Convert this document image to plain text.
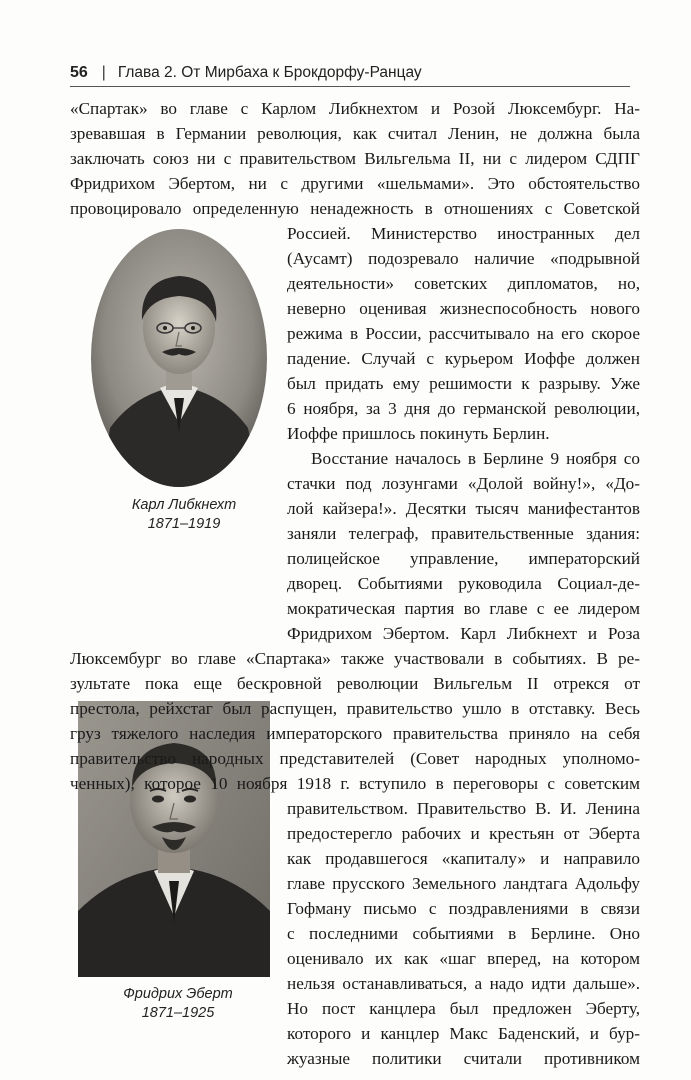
56 | Глава 2. От Мирбаха к Брокдорфу-Ранцау
Карл Либкнехт
1871–1919
Фридрих Эберт
1871–1925
«Спартак» во главе с Карлом Либкнехтом и Розой Люксембург. На-
зревавшая в Германии революция, как считал Ленин, не должна была
заключать союз ни с правительством Вильгельма II, ни с лидером СДПГ
Фридрихом Эбертом, ни с другими «шельмами». Это обстоятельство
провоцировало определенную ненадежность в отношениях с Советской
Россией. Министерство иностранных дел
(Аусамт) подозревало наличие «подрывной
деятельности» советских дипломатов, но,
неверно оценивая жизнеспособность нового
режима в России, рассчитывало на его скорое
падение. Случай с курьером Иоффе должен
был придать ему решимости к разрыву. Уже
6 ноября, за 3 дня до германской революции,
Иоффе пришлось покинуть Берлин.
Восстание началось в Берлине 9 ноября со
стачки под лозунгами «Долой войну!», «До-
лой кайзера!». Десятки тысяч манифестантов
заняли телеграф, правительственные здания:
полицейское управление, императорский
дворец. Событиями руководила Социал-де-
мократическая партия во главе с ее лидером
Фридрихом Эбертом. Карл Либкнехт и Роза
Люксембург во главе «Спартака» также участвовали в событиях. В ре-
зультате пока еще бескровной революции Вильгельм II отрекся от
престола, рейхстаг был распущен, правительство ушло в отставку. Весь
груз тяжелого наследия императорского правительства приняло на себя
правительство народных представителей (Совет народных уполномо-
ченных), которое 10 ноября 1918 г. вступило в переговоры с советским
правительством. Правительство В. И. Ленина
предостерегло рабочих и крестьян от Эберта
как продавшегося «капиталу» и направило
главе прусского Земельного ландтага Адольфу
Гофману письмо с поздравлениями в связи
с последними событиями в Берлине. Оно
оценивало их как «шаг вперед, на котором
нельзя останавливаться, а надо идти дальше».
Но пост канцлера был предложен Эберту,
которого и канцлер Макс Баденский, и бур-
жуазные политики считали противником
